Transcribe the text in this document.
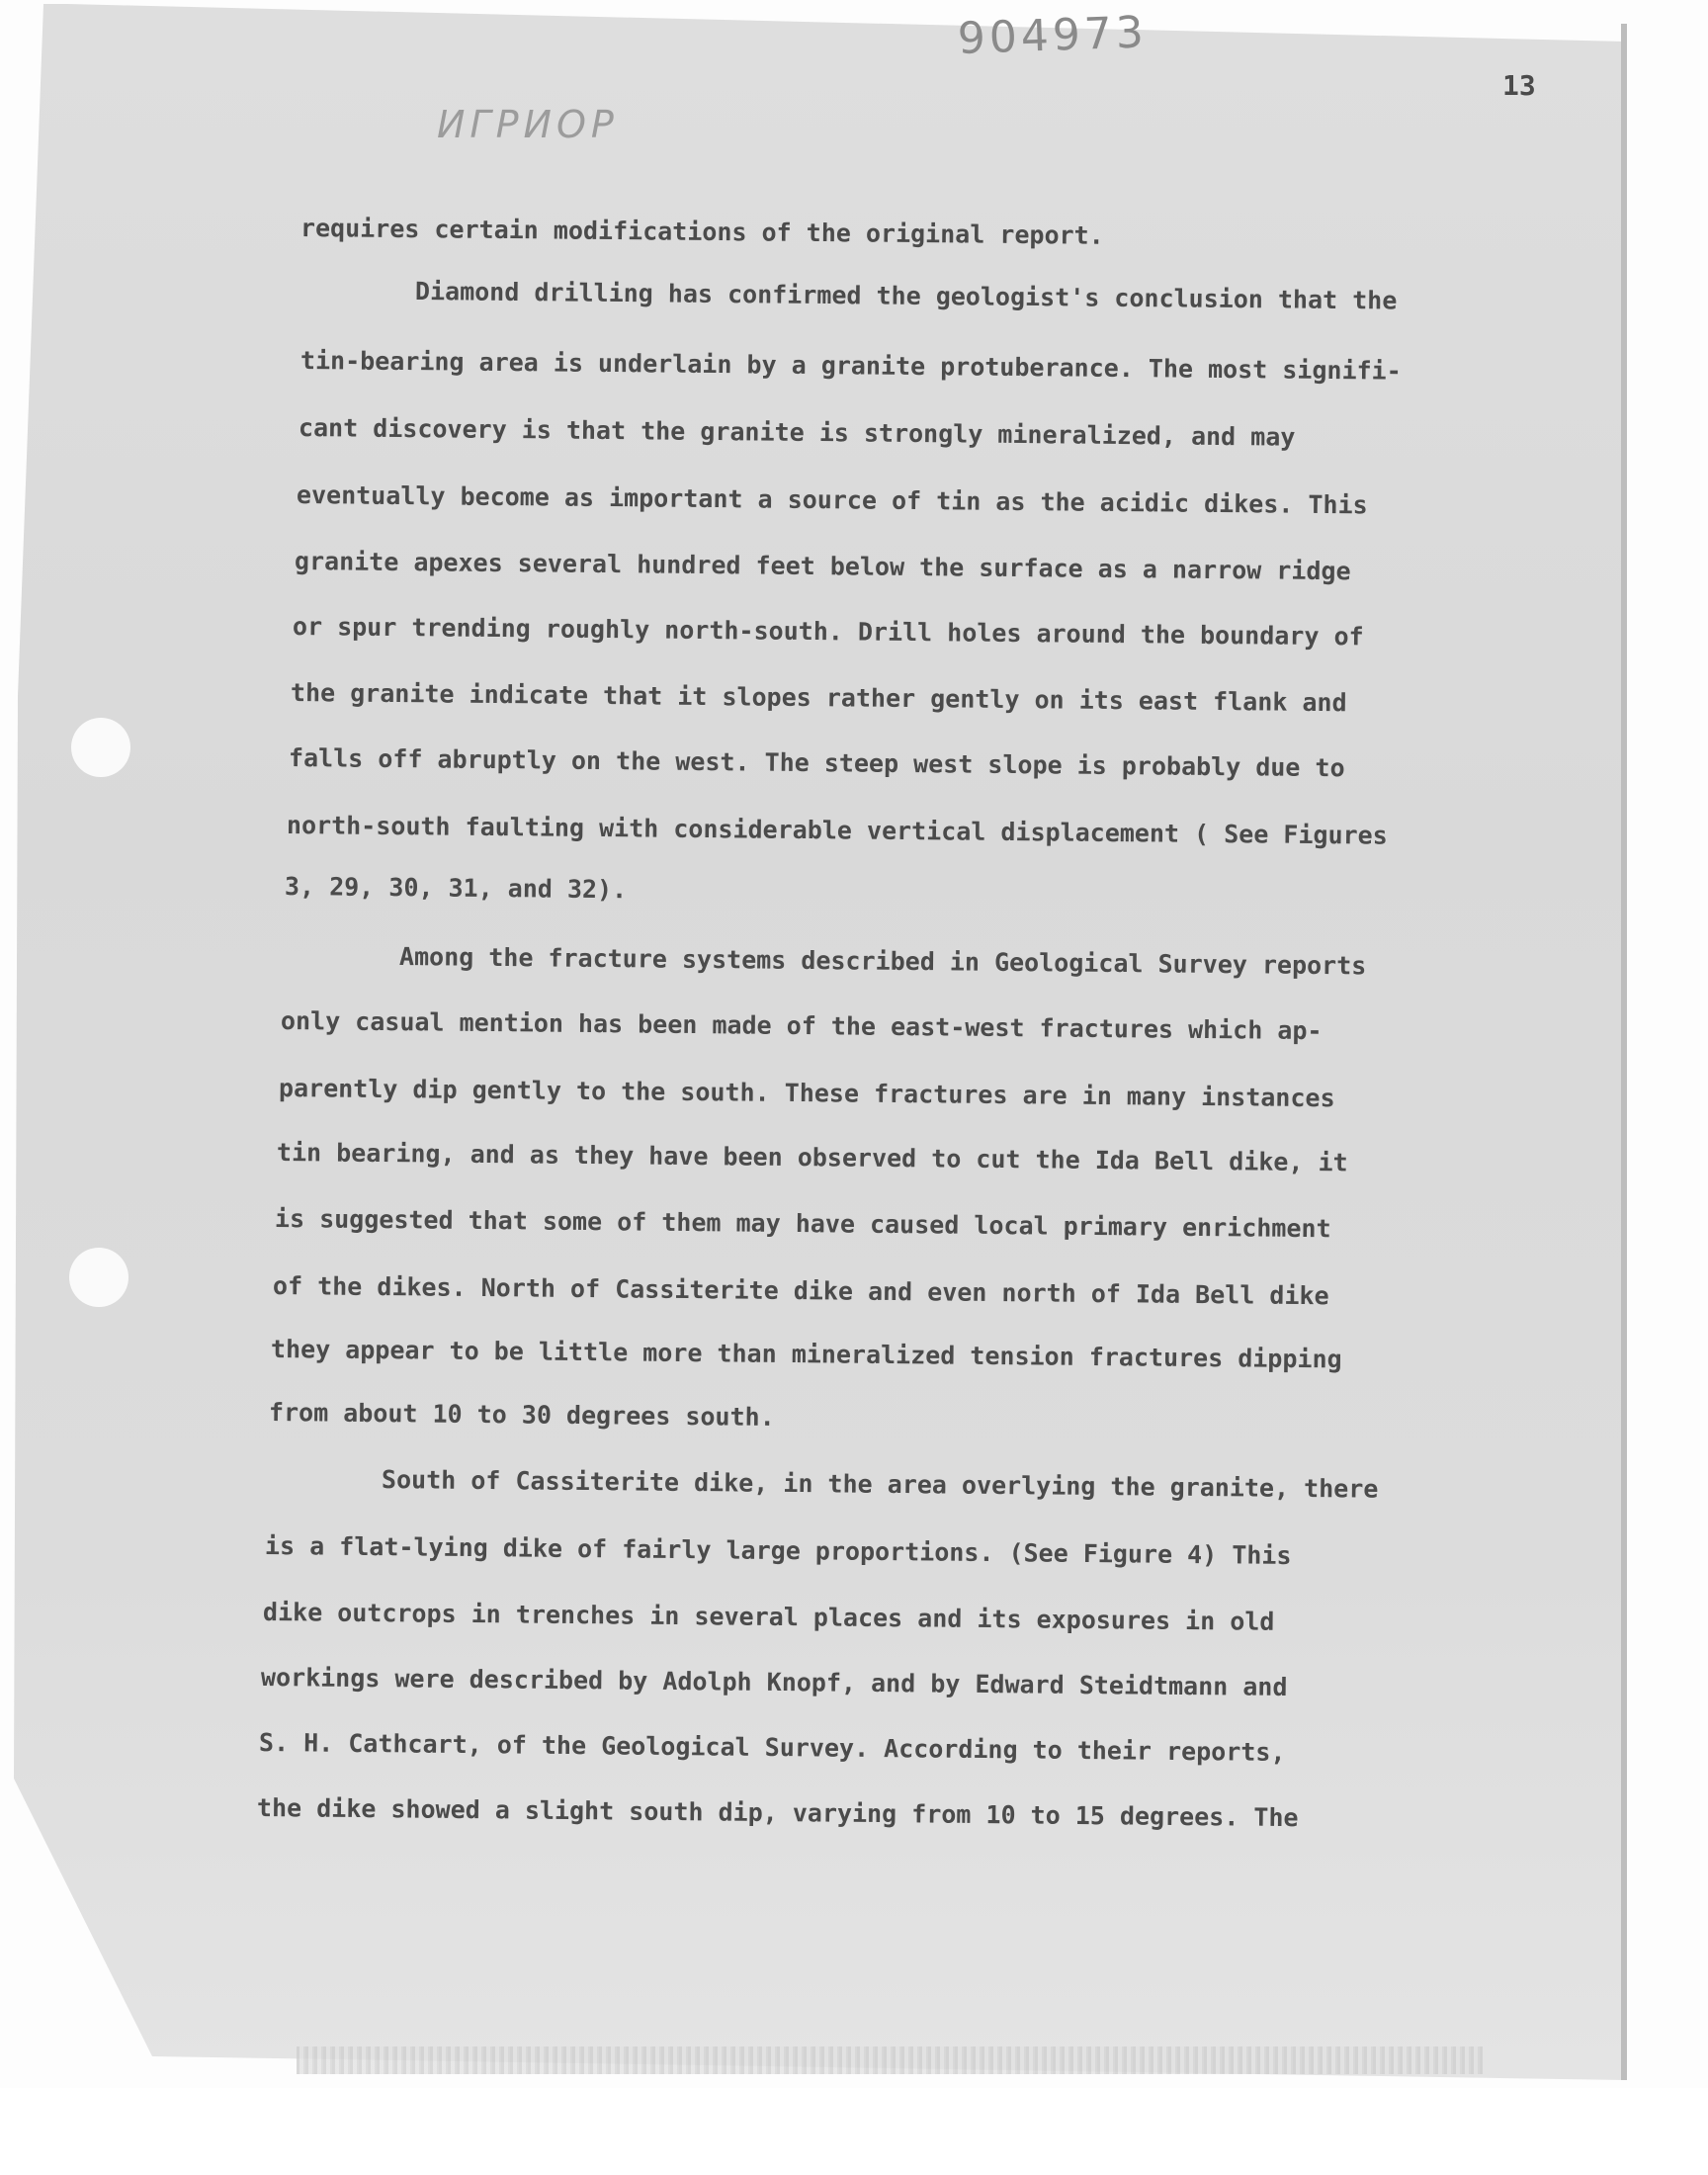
904973

ИГРИОР

13

requires certain modifications of the original report.

Diamond drilling has confirmed the geologist's conclusion that the

tin-bearing area is underlain by a granite protuberance. The most signifi-

cant discovery is that the granite is strongly mineralized, and may

eventually become as important a source of tin as the acidic dikes. This

granite apexes several hundred feet below the surface as a narrow ridge

or spur trending roughly north-south. Drill holes around the boundary of

the granite indicate that it slopes rather gently on its east flank and

falls off abruptly on the west. The steep west slope is probably due to

north-south faulting with considerable vertical displacement ( See Figures

3, 29, 30, 31, and 32).

Among the fracture systems described in Geological Survey reports

only casual mention has been made of the east-west fractures which ap-

parently dip gently to the south. These fractures are in many instances

tin bearing, and as they have been observed to cut the Ida Bell dike, it

is suggested that some of them may have caused local primary enrichment

of the dikes. North of Cassiterite dike and even north of Ida Bell dike

they appear to be little more than mineralized tension fractures dipping

from about 10 to 30 degrees south.

South of Cassiterite dike, in the area overlying the granite, there

is a flat-lying dike of fairly large proportions. (See Figure 4) This

dike outcrops in trenches in several places and its exposures in old

workings were described by Adolph Knopf, and by Edward Steidtmann and

S. H. Cathcart, of the Geological Survey. According to their reports,

the dike showed a slight south dip, varying from 10 to 15 degrees. The
